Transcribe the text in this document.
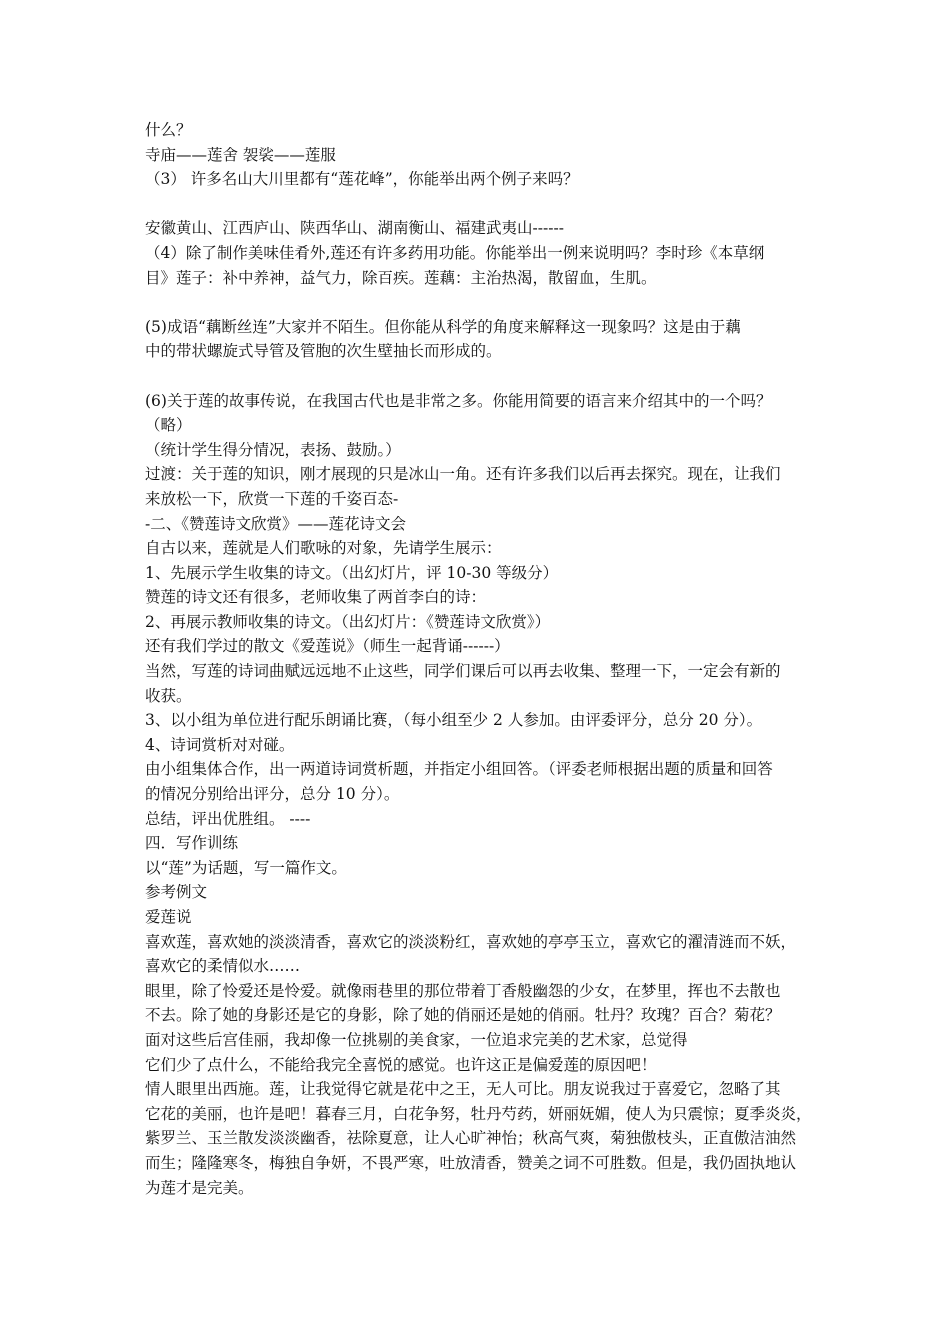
什么？
寺庙——莲舍 袈裟——莲服
（3） 许多名山大川里都有“莲花峰”，你能举出两个例子来吗？
安徽黄山、江西庐山、陕西华山、湖南衡山、福建武夷山------
（4）除了制作美味佳肴外,莲还有许多药用功能。你能举出一例来说明吗？李时珍《本草纲
目》莲子：补中养神，益气力，除百疾。莲藕：主治热渴，散留血，生肌。
(5)成语“藕断丝连”大家并不陌生。但你能从科学的角度来解释这一现象吗？这是由于藕
中的带状螺旋式导管及管胞的次生壁抽长而形成的。
(6)关于莲的故事传说，在我国古代也是非常之多。你能用简要的语言来介绍其中的一个吗？
（略）
（统计学生得分情况，表扬、鼓励。）
过渡：关于莲的知识，刚才展现的只是冰山一角。还有许多我们以后再去探究。现在，让我们
来放松一下，欣赏一下莲的千姿百态-
-二、《赞莲诗文欣赏》——莲花诗文会
自古以来，莲就是人们歌咏的对象，先请学生展示：
1、先展示学生收集的诗文。（出幻灯片，评 10-30 等级分）
赞莲的诗文还有很多，老师收集了两首李白的诗：
2、再展示教师收集的诗文。（出幻灯片：《赞莲诗文欣赏》）
还有我们学过的散文《爱莲说》（师生一起背诵------）
当然，写莲的诗词曲赋远远地不止这些，同学们课后可以再去收集、整理一下，一定会有新的
收获。
3、以小组为单位进行配乐朗诵比赛，（每小组至少 2 人参加。由评委评分，总分 20 分）。
4、诗词赏析对对碰。
由小组集体合作，出一两道诗词赏析题，并指定小组回答。（评委老师根据出题的质量和回答
的情况分别给出评分，总分 10 分）。
总结，评出优胜组。 ----
四．写作训练
以“莲”为话题，写一篇作文。
参考例文
爱莲说
喜欢莲，喜欢她的淡淡清香，喜欢它的淡淡粉红，喜欢她的亭亭玉立，喜欢它的濯清涟而不妖，
喜欢它的柔情似水……
眼里，除了怜爱还是怜爱。就像雨巷里的那位带着丁香般幽怨的少女，在梦里，挥也不去散也
不去。除了她的身影还是它的身影，除了她的俏丽还是她的俏丽。牡丹？玫瑰？百合？菊花？
面对这些后宫佳丽，我却像一位挑剔的美食家，一位追求完美的艺术家，总觉得
它们少了点什么，不能给我完全喜悦的感觉。也许这正是偏爱莲的原因吧！
情人眼里出西施。莲，让我觉得它就是花中之王，无人可比。朋友说我过于喜爱它，忽略了其
它花的美丽，也许是吧！暮春三月，白花争努，牡丹芍药，妍丽妩媚，使人为只震惊；夏季炎炎，
紫罗兰、玉兰散发淡淡幽香，祛除夏意，让人心旷神怡；秋高气爽，菊独傲枝头，正直傲洁油然
而生；隆隆寒冬，梅独自争妍，不畏严寒，吐放清香，赞美之词不可胜数。但是，我仍固执地认
为莲才是完美。
